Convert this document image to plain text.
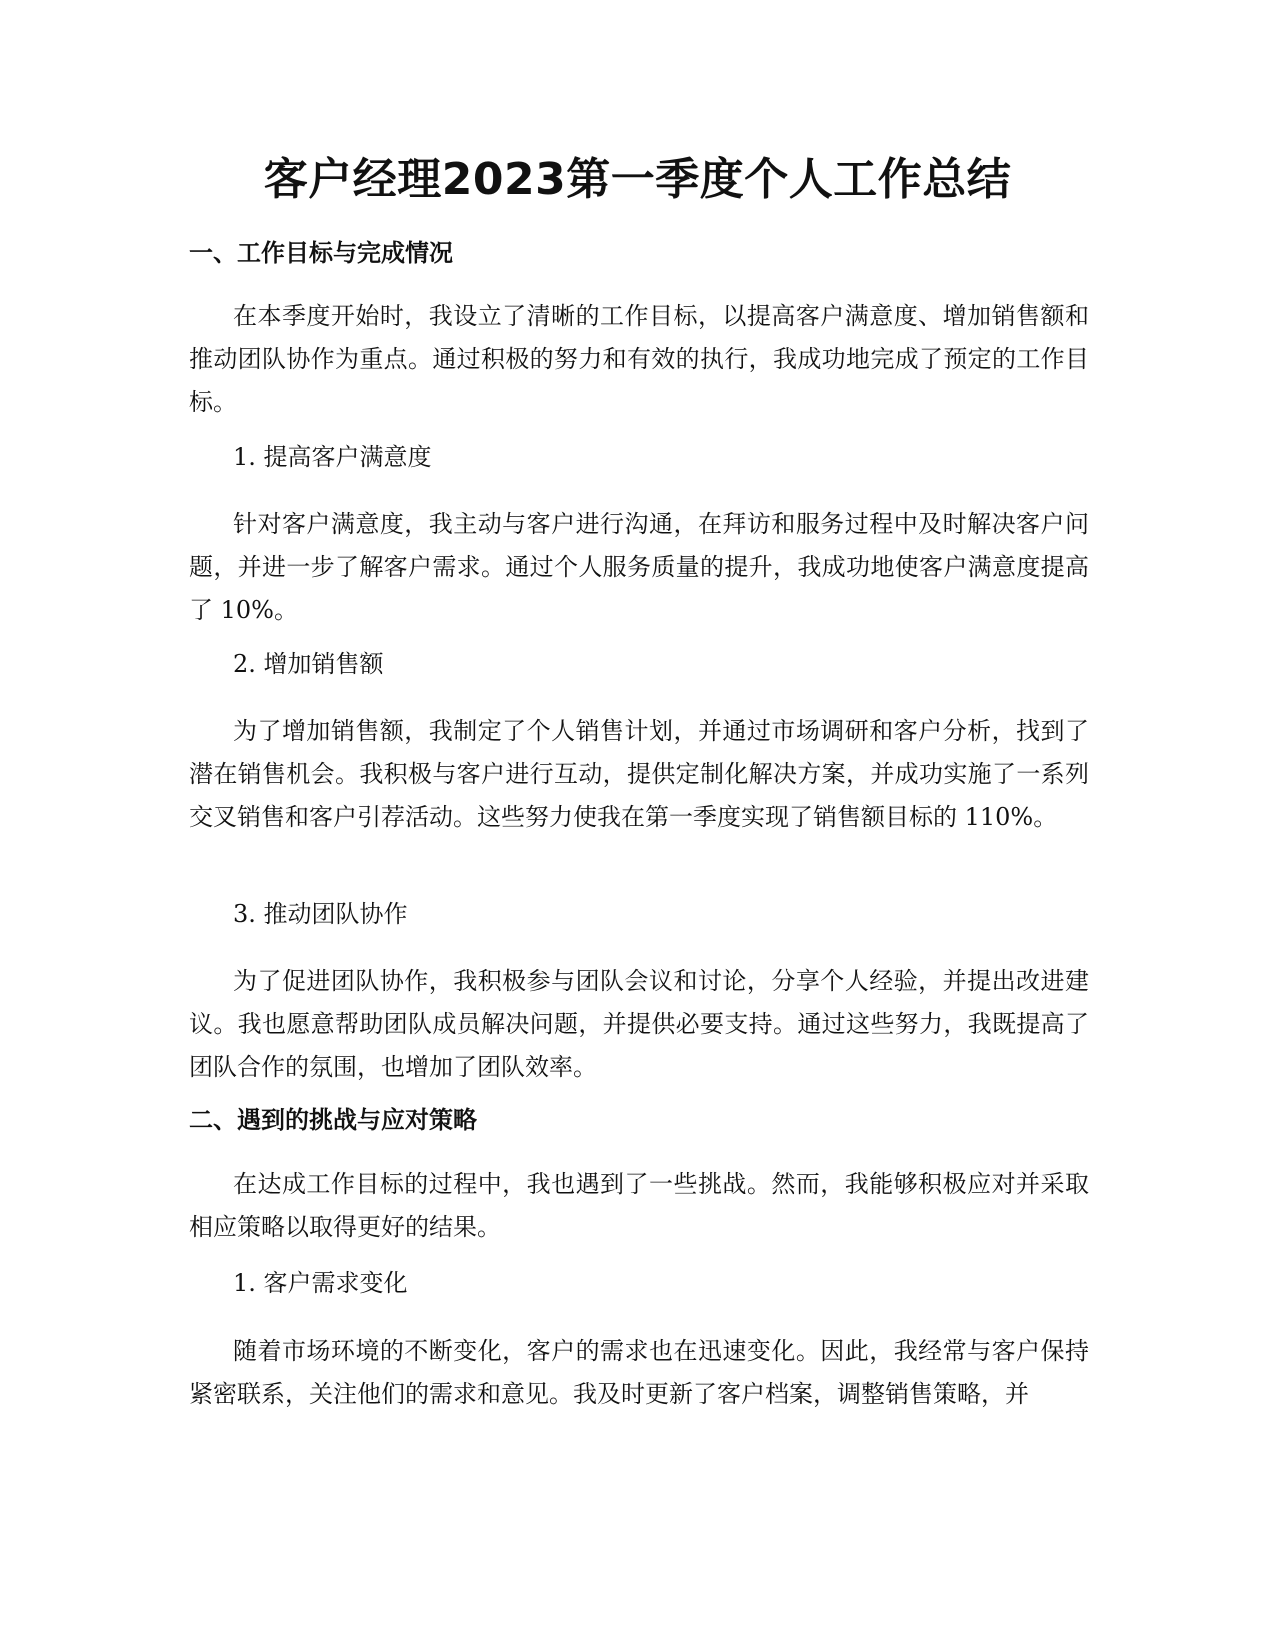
客户经理2023第一季度个人工作总结
一、工作目标与完成情况

在本季度开始时，我设立了清晰的工作目标，以提高客户满意度、增加销售额和推动团队协作为重点。通过积极的努力和有效的执行，我成功地完成了预定的工作目标。

1. 提高客户满意度

针对客户满意度，我主动与客户进行沟通，在拜访和服务过程中及时解决客户问题，并进一步了解客户需求。通过个人服务质量的提升，我成功地使客户满意度提高了 10%。

2. 增加销售额

为了增加销售额，我制定了个人销售计划，并通过市场调研和客户分析，找到了潜在销售机会。我积极与客户进行互动，提供定制化解决方案，并成功实施了一系列交叉销售和客户引荐活动。这些努力使我在第一季度实现了销售额目标的 110%。

3. 推动团队协作

为了促进团队协作，我积极参与团队会议和讨论，分享个人经验，并提出改进建议。我也愿意帮助团队成员解决问题，并提供必要支持。通过这些努力，我既提高了团队合作的氛围，也增加了团队效率。

二、遇到的挑战与应对策略

在达成工作目标的过程中，我也遇到了一些挑战。然而，我能够积极应对并采取相应策略以取得更好的结果。

1. 客户需求变化

随着市场环境的不断变化，客户的需求也在迅速变化。因此，我经常与客户保持紧密联系，关注他们的需求和意见。我及时更新了客户档案，调整销售策略，并
